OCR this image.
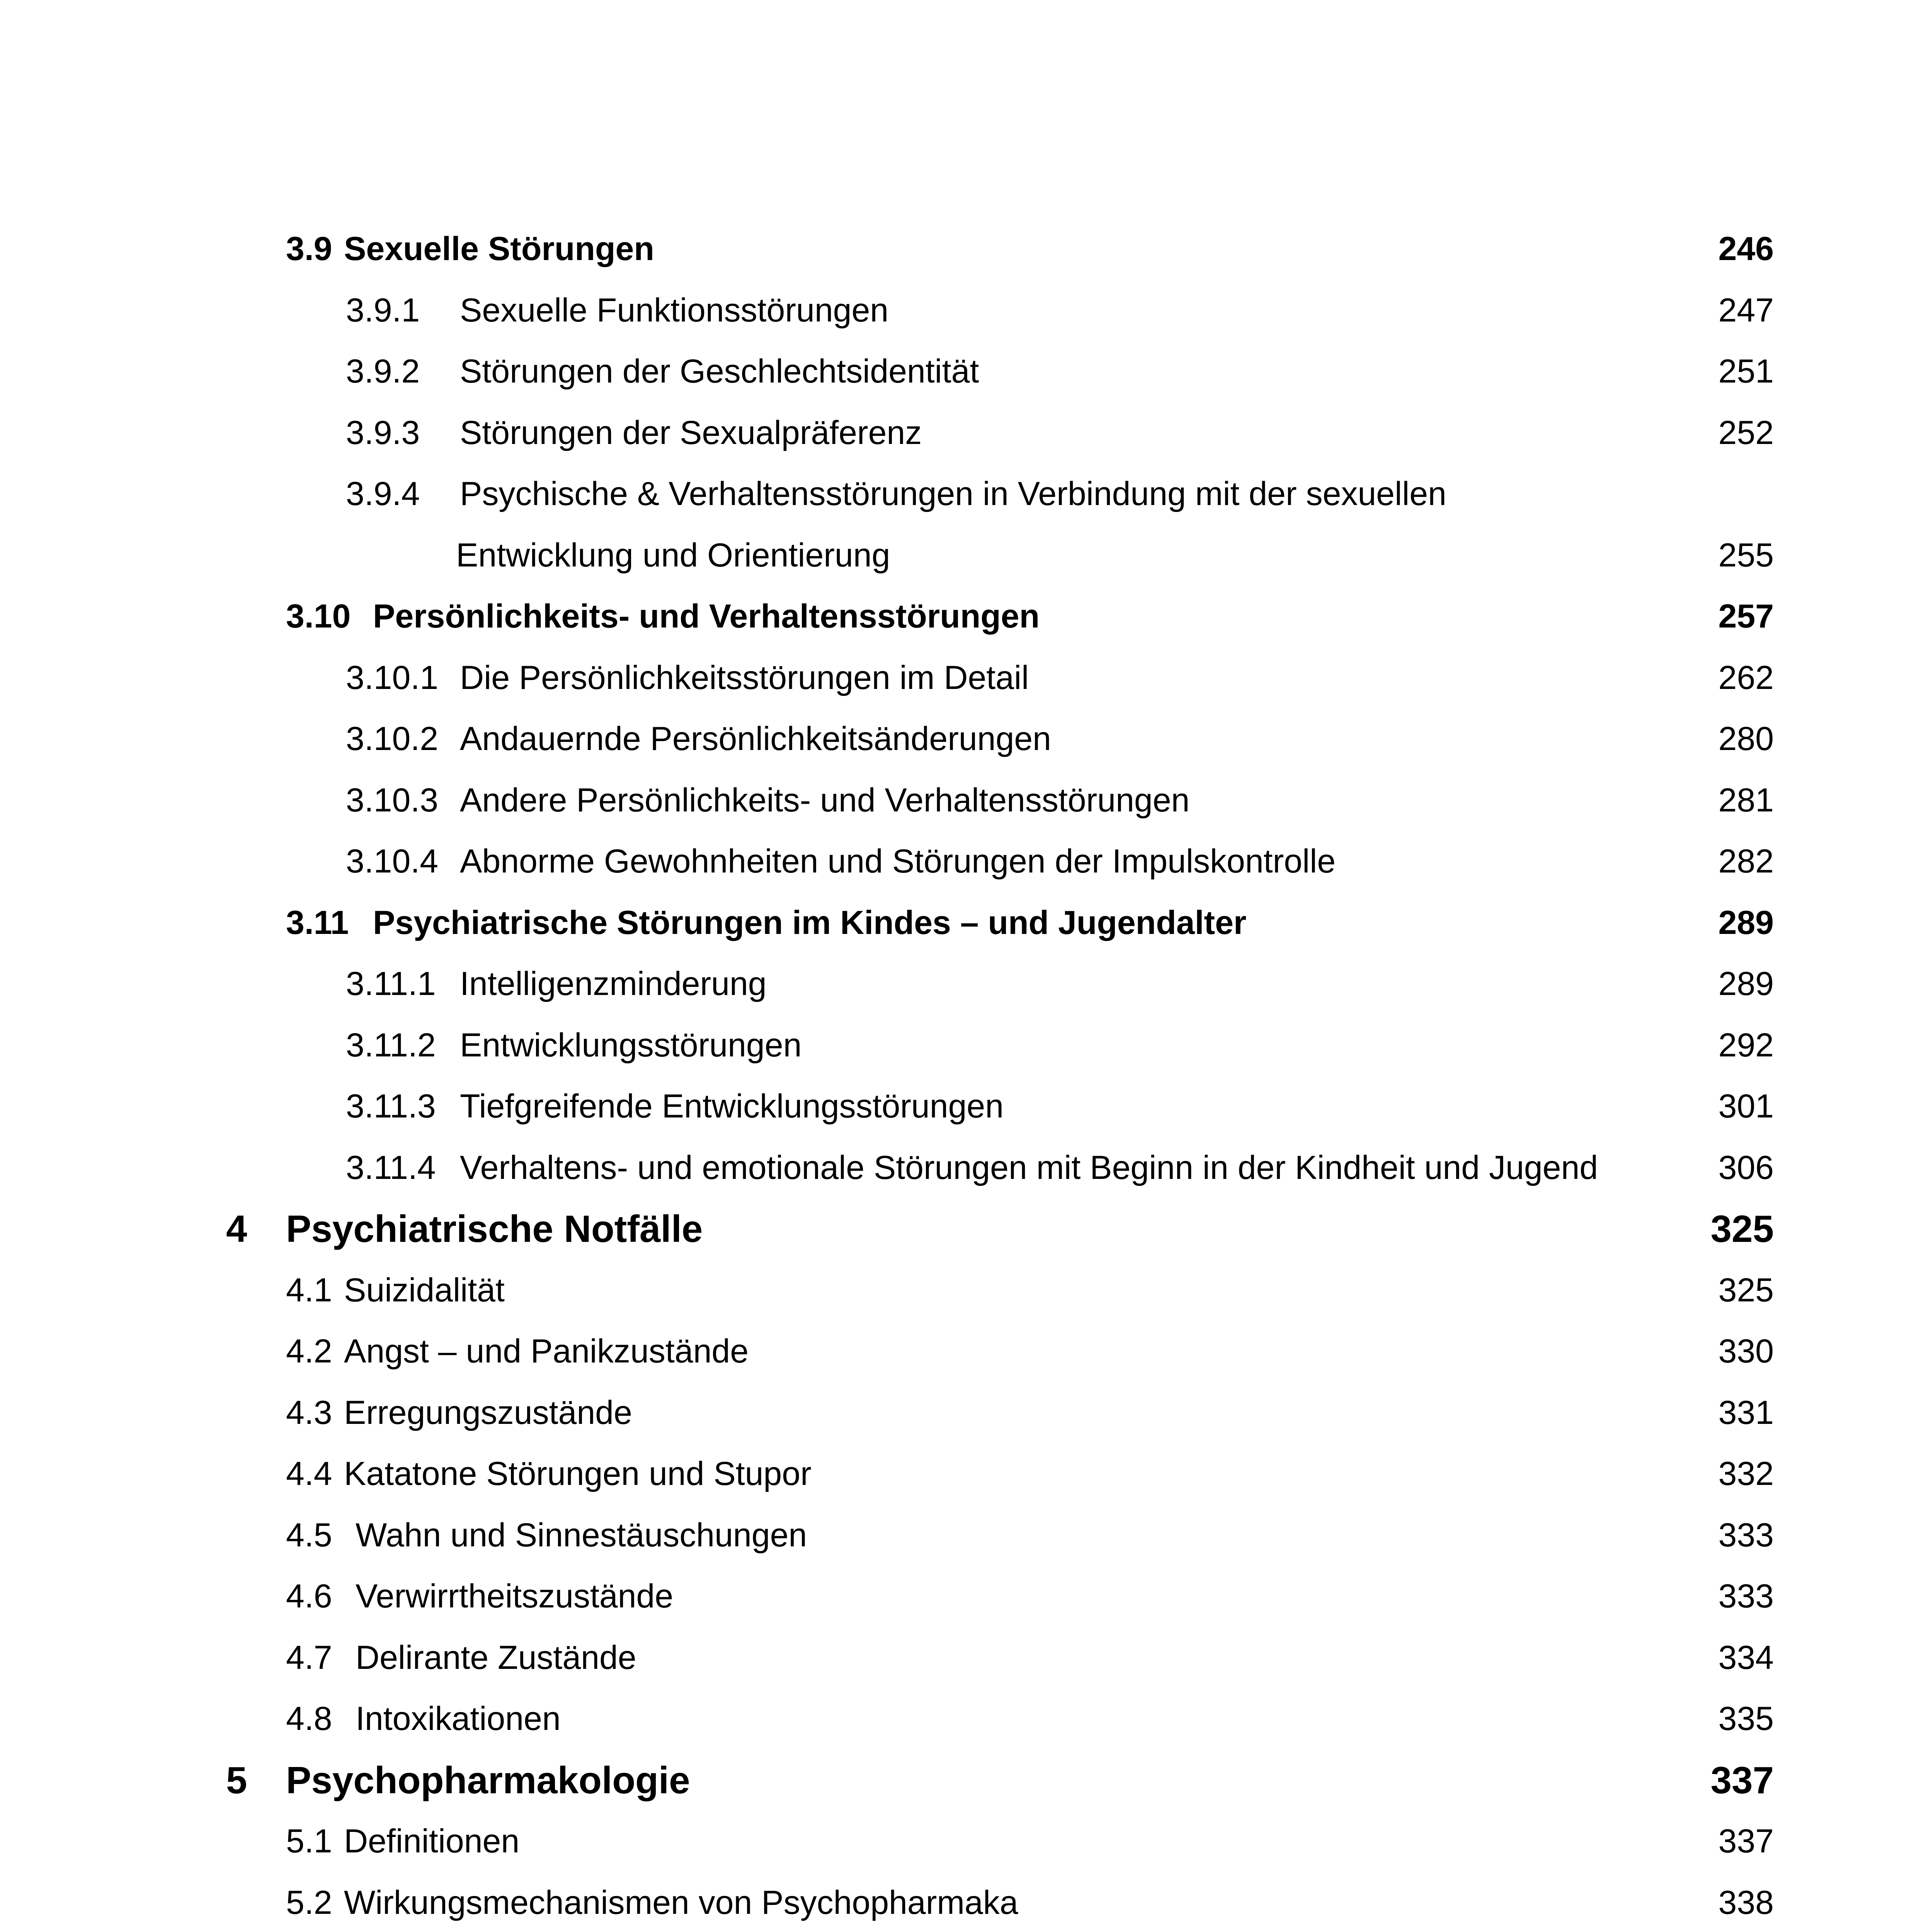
3.9 Sexuelle Störungen	246
3.9.1 Sexuelle Funktionsstörungen	247
3.9.2 Störungen der Geschlechtsidentität	251
3.9.3 Störungen der Sexualpräferenz	252
3.9.4 Psychische & Verhaltensstörungen in Verbindung mit der sexuellen
Entwicklung und Orientierung	255
3.10 Persönlichkeits- und Verhaltensstörungen	257
3.10.1 Die Persönlichkeitsstörungen im Detail	262
3.10.2 Andauernde Persönlichkeitsänderungen	280
3.10.3 Andere Persönlichkeits- und Verhaltensstörungen	281
3.10.4 Abnorme Gewohnheiten und Störungen der Impulskontrolle	282
3.11 Psychiatrische Störungen im Kindes – und Jugendalter	289
3.11.1 Intelligenzminderung	289
3.11.2 Entwicklungsstörungen	292
3.11.3 Tiefgreifende Entwicklungsstörungen	301
3.11.4 Verhaltens- und emotionale Störungen mit Beginn in der Kindheit und Jugend	306
4 Psychiatrische Notfälle	325
4.1 Suizidalität	325
4.2 Angst – und Panikzustände	330
4.3 Erregungszustände	331
4.4 Katatone Störungen und Stupor	332
4.5 Wahn und Sinnestäuschungen	333
4.6 Verwirrtheitszustände	333
4.7 Delirante Zustände	334
4.8 Intoxikationen	335
5 Psychopharmakologie	337
5.1 Definitionen	337
5.2 Wirkungsmechanismen von Psychopharmaka	338
